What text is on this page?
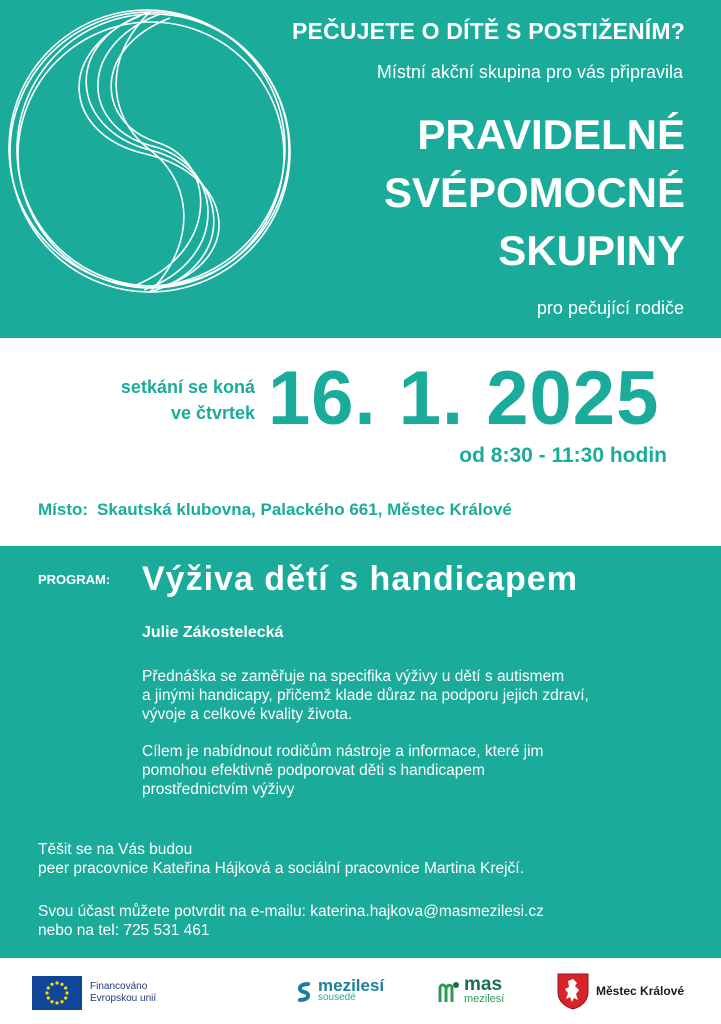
PEČUJETE O DÍTĚ S POSTIŽENÍM?
Místní akční skupina pro vás připravila
PRAVIDELNÉ
SVÉPOMOCNÉ
SKUPINY
pro pečující rodiče
setkání se koná
ve čtvrtek 16. 1. 2025
od 8:30 - 11:30 hodin
Místo: Skautská klubovna, Palackého 661, Městec Králové
PROGRAM: Výživa dětí s handicapem
Julie Zákostelecká
Přednáška se zaměřuje na specifika výživy u dětí s autismem
a jinými handicapy, přičemž klade důraz na podporu jejich zdraví,
vývoje a celkové kvality života.
Cílem je nabídnout rodičům nástroje a informace, které jim
pomohou efektivně podporovat děti s handicapem
prostřednictvím výživy
Těšit se na Vás budou
peer pracovnice Kateřina Hájková a sociální pracovnice Martina Krejčí.
Svou účast můžete potvrdit na e-mailu: katerina.hajkova@masmezilesi.cz
nebo na tel: 725 531 461
Financováno
Evropskou unií
mezilesí
sousedé
mas
mezilesí
Městec Králové
